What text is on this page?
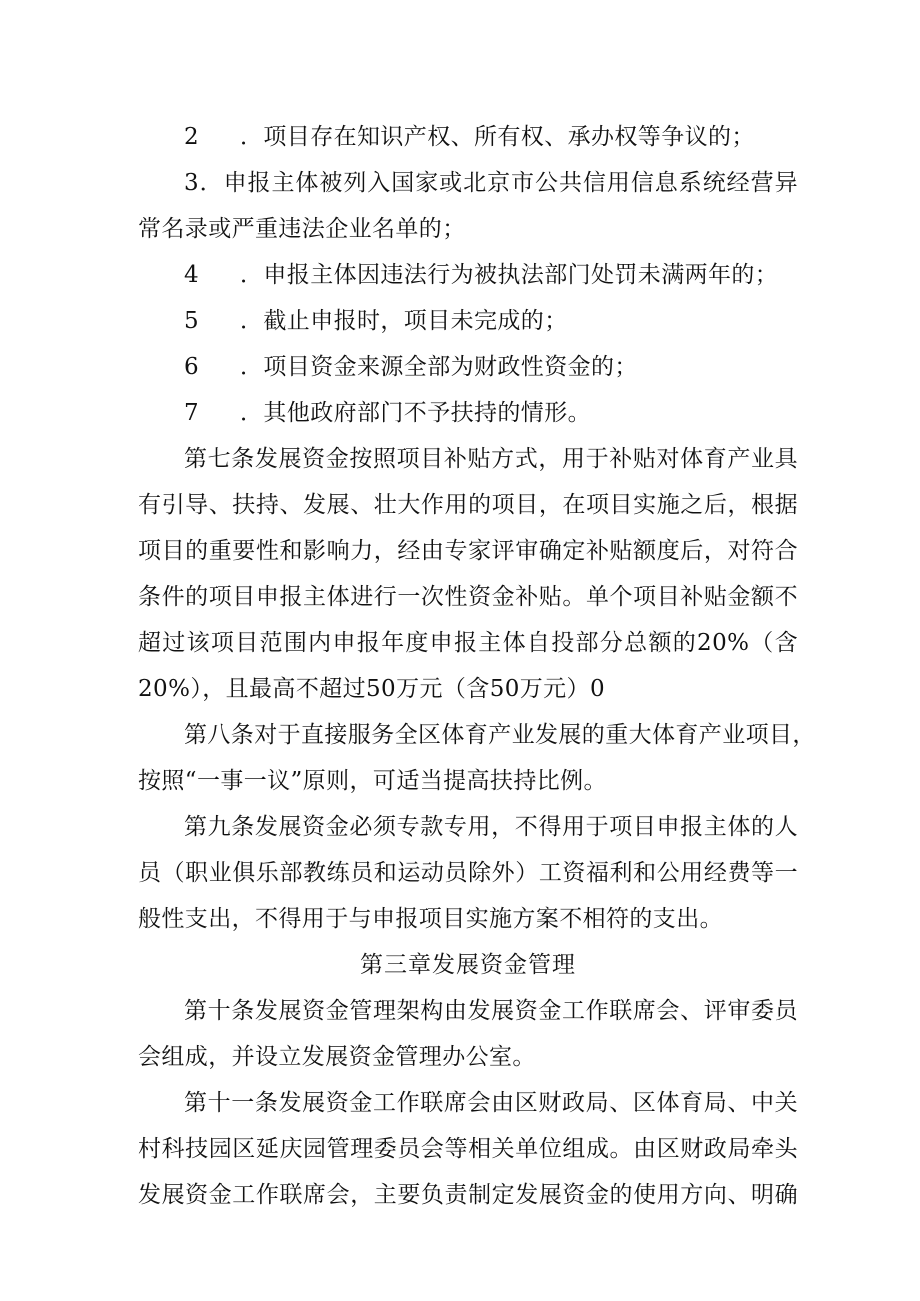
2 ．项目存在知识产权、所有权、承办权等争议的；
3．申报主体被列入国家或北京市公共信用信息系统经营异
常名录或严重违法企业名单的；
4 ．申报主体因违法行为被执法部门处罚未满两年的；
5 ．截止申报时，项目未完成的；
6 ．项目资金来源全部为财政性资金的；
7 ．其他政府部门不予扶持的情形。
第七条发展资金按照项目补贴方式，用于补贴对体育产业具
有引导、扶持、发展、壮大作用的项目，在项目实施之后，根据
项目的重要性和影响力，经由专家评审确定补贴额度后，对符合
条件的项目申报主体进行一次性资金补贴。单个项目补贴金额不
超过该项目范围内申报年度申报主体自投部分总额的20%（含
20%），且最高不超过50万元（含50万元）0
第八条对于直接服务全区体育产业发展的重大体育产业项目，
按照“一事一议”原则，可适当提高扶持比例。
第九条发展资金必须专款专用，不得用于项目申报主体的人
员（职业俱乐部教练员和运动员除外）工资福利和公用经费等一
般性支出，不得用于与申报项目实施方案不相符的支出。
第三章发展资金管理
第十条发展资金管理架构由发展资金工作联席会、评审委员
会组成，并设立发展资金管理办公室。
第十一条发展资金工作联席会由区财政局、区体育局、中关
村科技园区延庆园管理委员会等相关单位组成。由区财政局牵头
发展资金工作联席会，主要负责制定发展资金的使用方向、明确
